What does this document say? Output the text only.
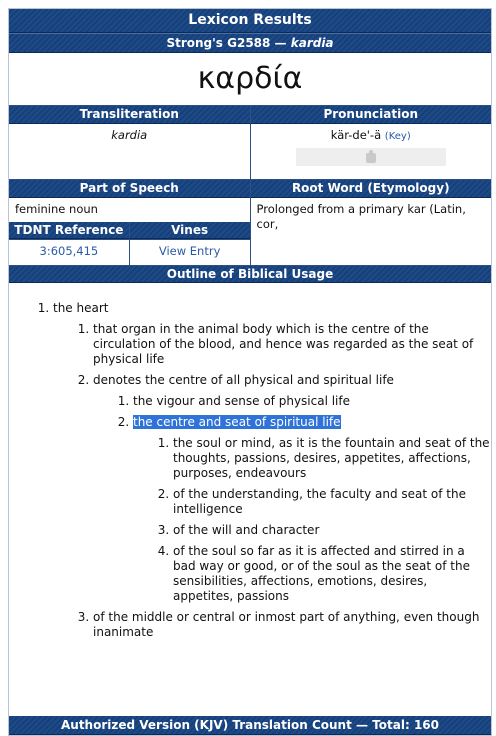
Lexicon Results
Strong's G2588 — kardia
καρδία
Transliteration
kardia
Pronunciation
kär-de'-ä (Key)
Part of Speech
feminine noun
TDNT Reference	Vines
3:605,415	View Entry
Root Word (Etymology)
Prolonged from a primary kar (Latin, cor,
Outline of Biblical Usage
1. the heart
1. that organ in the animal body which is the centre of the circulation of the blood, and hence was regarded as the seat of physical life
2. denotes the centre of all physical and spiritual life
1. the vigour and sense of physical life
2. the centre and seat of spiritual life
1. the soul or mind, as it is the fountain and seat of the thoughts, passions, desires, appetites, affections, purposes, endeavours
2. of the understanding, the faculty and seat of the intelligence
3. of the will and character
4. of the soul so far as it is affected and stirred in a bad way or good, or of the soul as the seat of the sensibilities, affections, emotions, desires, appetites, passions
3. of the middle or central or inmost part of anything, even though inanimate
Authorized Version (KJV) Translation Count — Total: 160
